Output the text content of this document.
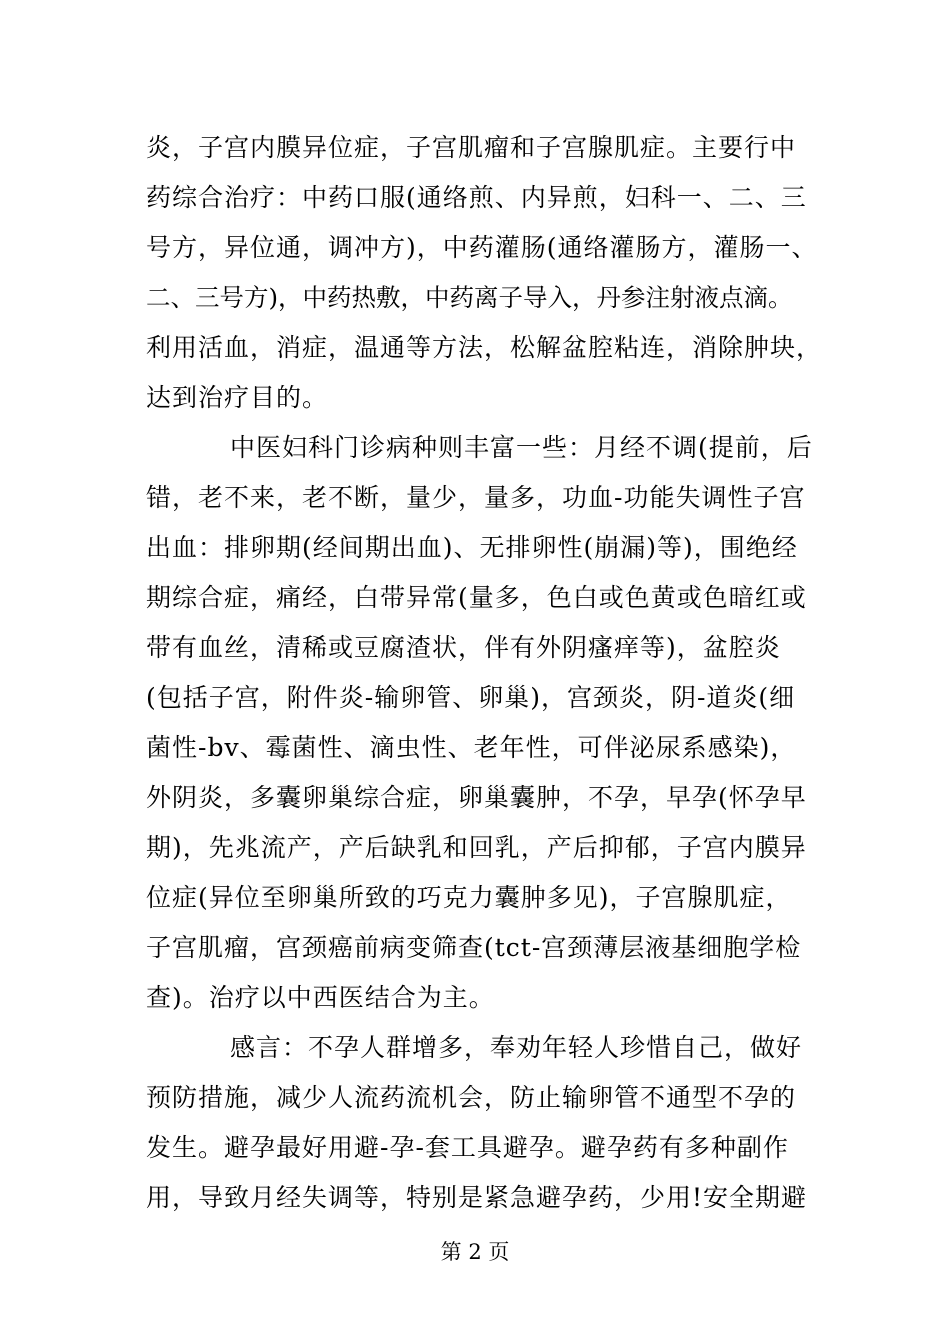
炎，子宫内膜异位症，子宫肌瘤和子宫腺肌症。主要行中
药综合治疗：中药口服(通络煎、内异煎，妇科一、二、三
号方，异位通，调冲方)，中药灌肠(通络灌肠方，灌肠一、
二、三号方)，中药热敷，中药离子导入，丹参注射液点滴。
利用活血，消症，温通等方法，松解盆腔粘连，消除肿块，
达到治疗目的。
中医妇科门诊病种则丰富一些：月经不调(提前，后
错，老不来，老不断，量少，量多，功血-功能失调性子宫
出血：排卵期(经间期出血)、无排卵性(崩漏)等)，围绝经
期综合症，痛经，白带异常(量多，色白或色黄或色暗红或
带有血丝，清稀或豆腐渣状，伴有外阴瘙痒等)，盆腔炎
(包括子宫，附件炎-输卵管、卵巢)，宫颈炎，阴-道炎(细
菌性-bv、霉菌性、滴虫性、老年性，可伴泌尿系感染)，
外阴炎，多囊卵巢综合症，卵巢囊肿，不孕，早孕(怀孕早
期)，先兆流产，产后缺乳和回乳，产后抑郁，子宫内膜异
位症(异位至卵巢所致的巧克力囊肿多见)，子宫腺肌症，
子宫肌瘤，宫颈癌前病变筛查(tct-宫颈薄层液基细胞学检
查)。治疗以中西医结合为主。
感言：不孕人群增多，奉劝年轻人珍惜自己，做好
预防措施，减少人流药流机会，防止输卵管不通型不孕的
发生。避孕最好用避-孕-套工具避孕。避孕药有多种副作
用，导致月经失调等，特别是紧急避孕药，少用!安全期避
第 2 页
